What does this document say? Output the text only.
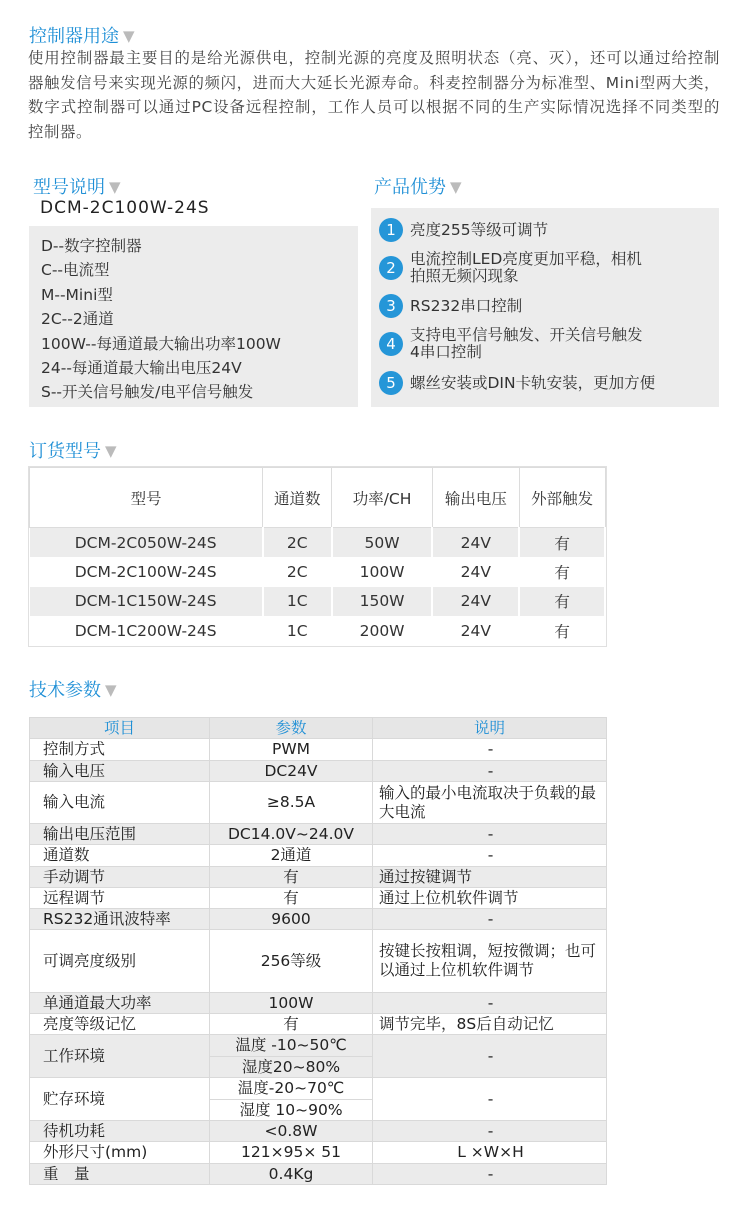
控制器用途 ▼

使用控制器最主要目的是给光源供电，控制光源的亮度及照明状态（亮、灭），还可以通过给控制器触发信号来实现光源的频闪，进而大大延长光源寿命。科麦控制器分为标准型、Mini型两大类，数字式控制器可以通过PC设备远程控制，工作人员可以根据不同的生产实际情况选择不同类型的控制器。

型号说明 ▼	产品优势 ▼
DCM-2C100W-24S
D--数字控制器
C--电流型
M--Mini型
2C--2通道
100W--每通道最大输出功率100W
24--每通道最大输出电压24V
S--开关信号触发/电平信号触发
1 亮度255等级可调节
2 电流控制LED亮度更加平稳，相机
拍照无频闪现象
3 RS232串口控制
4 支持电平信号触发、开关信号触发
4串口控制
5 螺丝安装或DIN卡轨安装，更加方便
订货型号 ▼
型号	通道数	功率/CH	输出电压	外部触发
DCM-2C050W-24S	2C	50W	24V	有
DCM-2C100W-24S	2C	100W	24V	有
DCM-1C150W-24S	1C	150W	24V	有
DCM-1C200W-24S	1C	200W	24V	有
技术参数 ▼
项目	参数	说明
控制方式	PWM	-
输入电压	DC24V	-
输入电流	≥8.5A	输入的最小电流取决于负载的最大电流
输出电压范围	DC14.0V~24.0V	-
通道数	2通道	-
手动调节	有	通过按键调节
远程调节	有	通过上位机软件调节
RS232通讯波特率	9600	-
可调亮度级别	256等级	按键长按粗调，短按微调；也可以通过上位机软件调节
单通道最大功率	100W	-
亮度等级记忆	有	调节完毕，8S后自动记忆
工作环境	温度 -10~50℃	-
	湿度20~80%	
贮存环境	温度-20~70℃	-
	湿度 10~90%	
待机功耗	<0.8W	-
外形尺寸(mm)	121×95× 51	L ×W×H
重　量	0.4Kg	-
